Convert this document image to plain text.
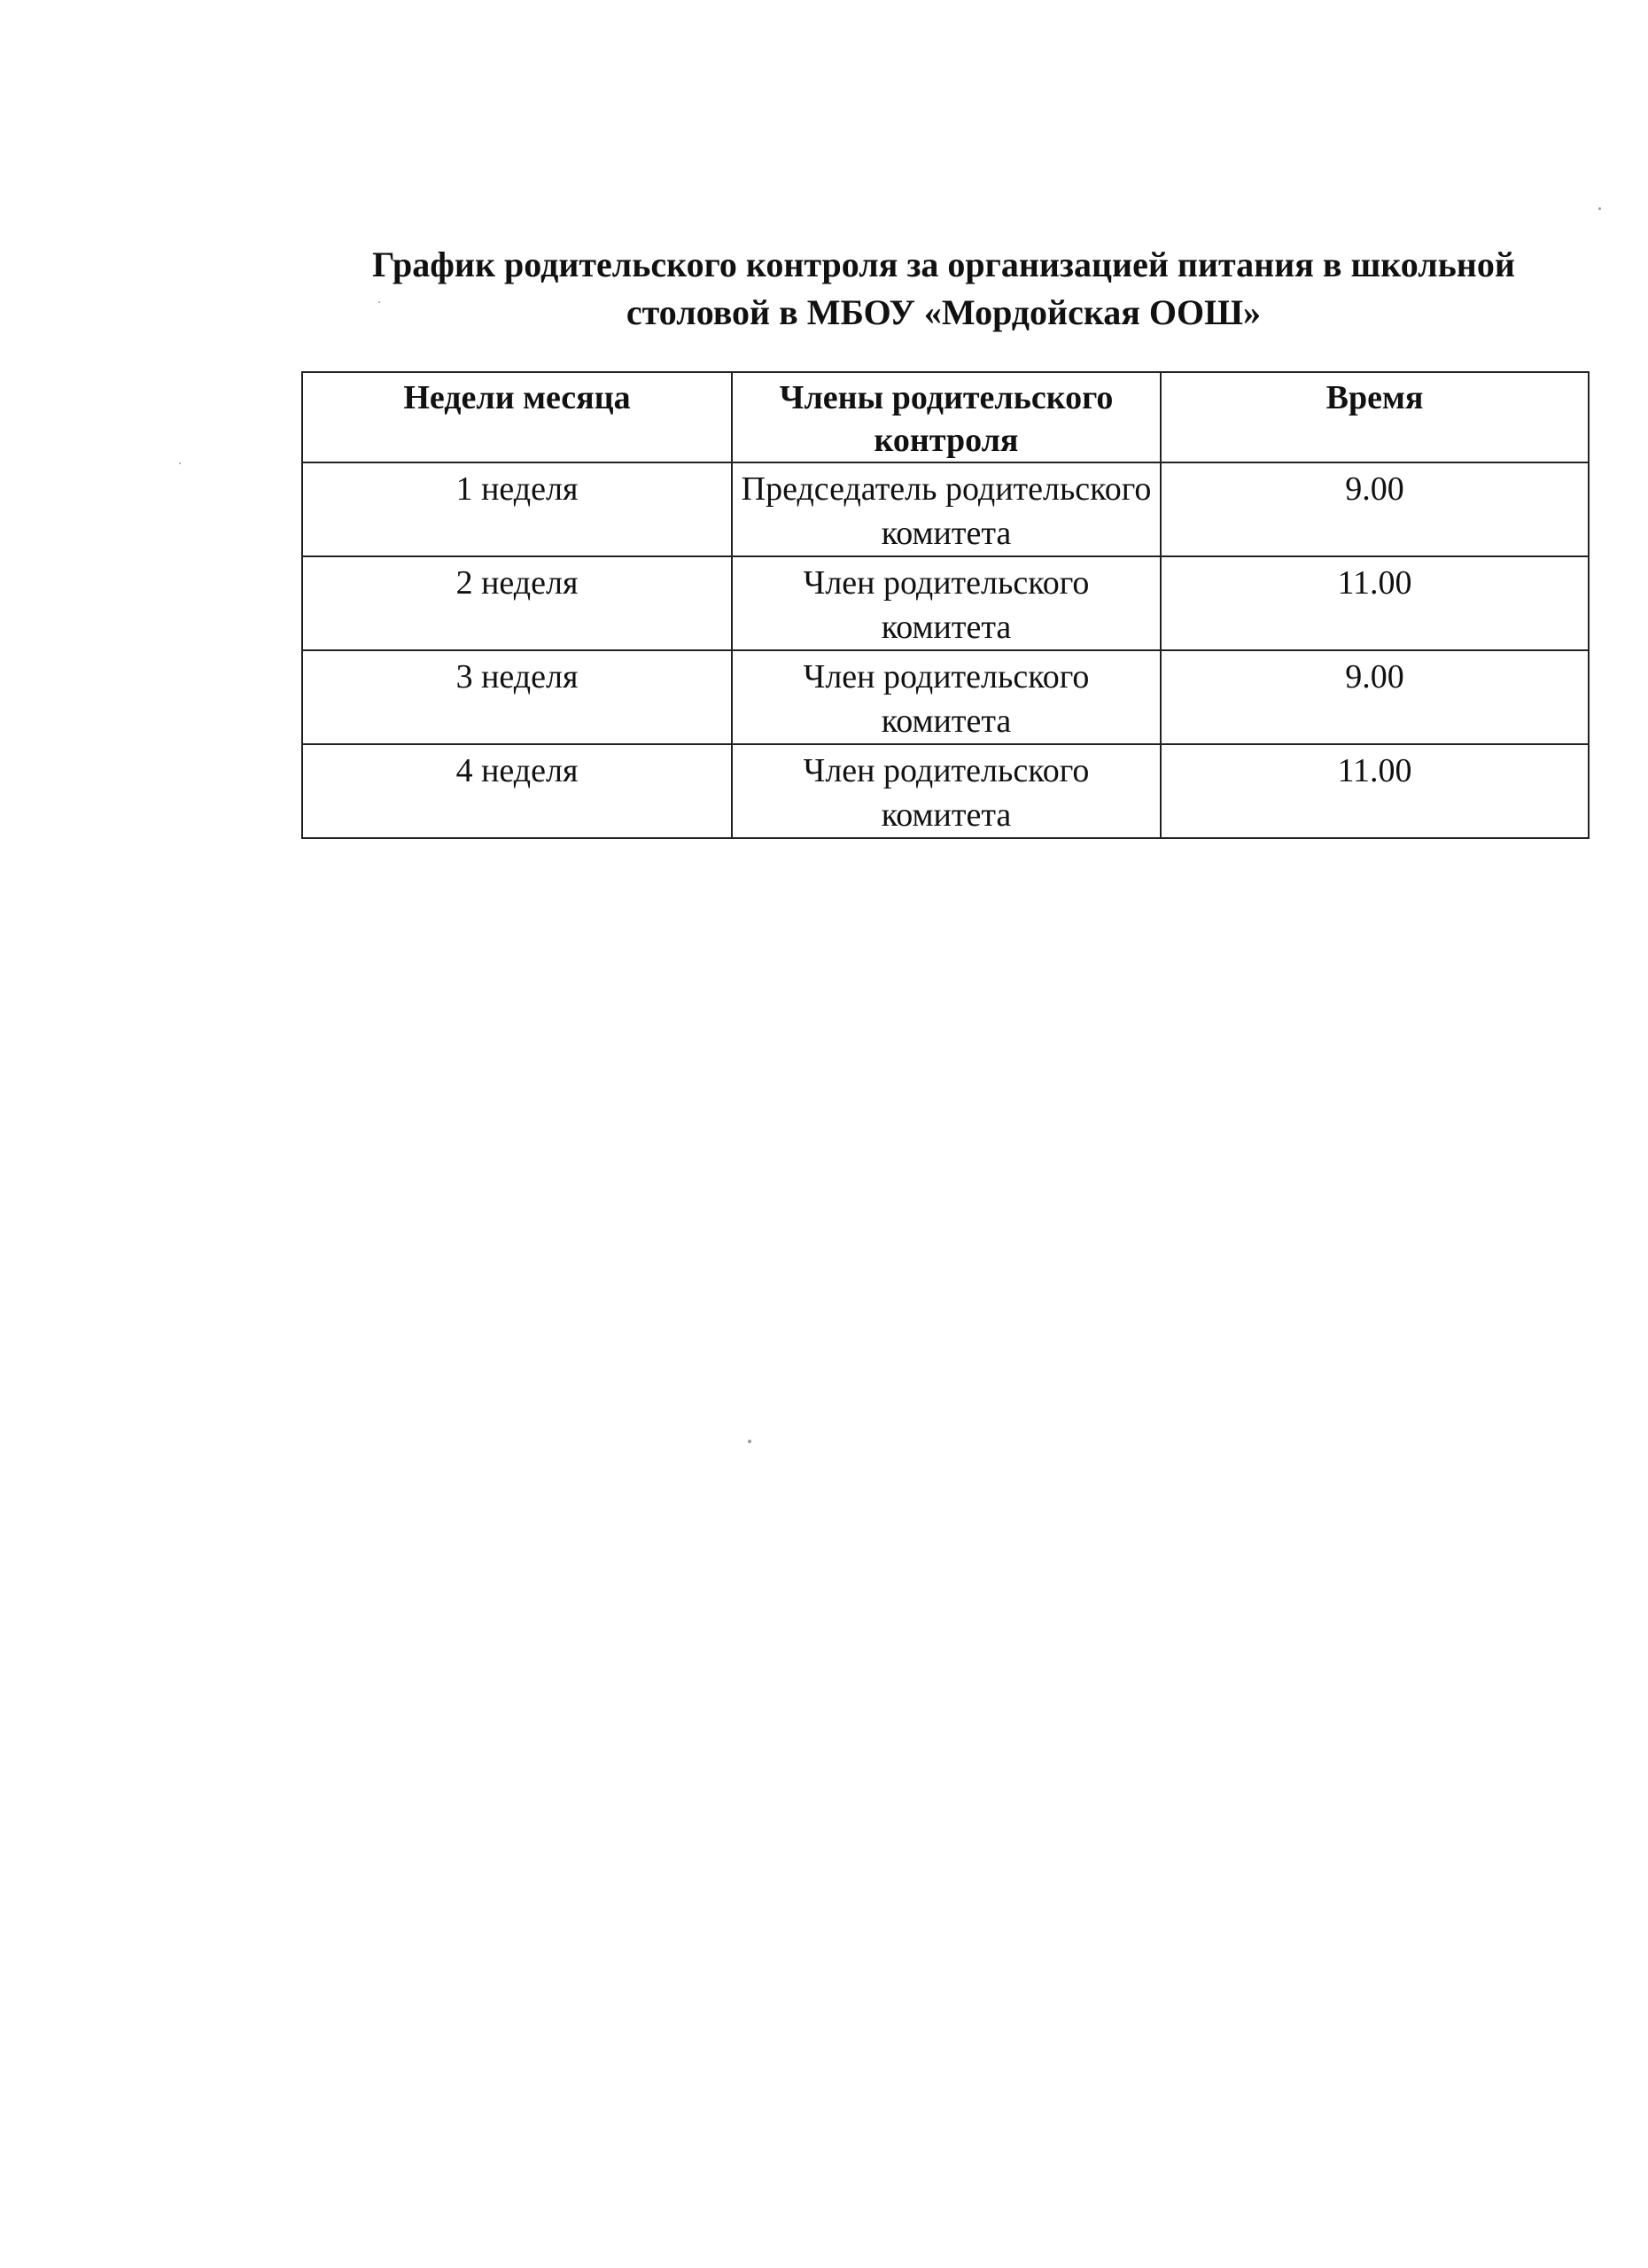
График родительского контроля за организацией питания в школьной
столовой в МБОУ «Мордойская ООШ»
Недели месяца	Члены родительского контроля	Время
1 неделя	Председатель родительского комитета	9.00
2 неделя	Член родительского комитета	11.00
3 неделя	Член родительского комитета	9.00
4 неделя	Член родительского комитета	11.00
